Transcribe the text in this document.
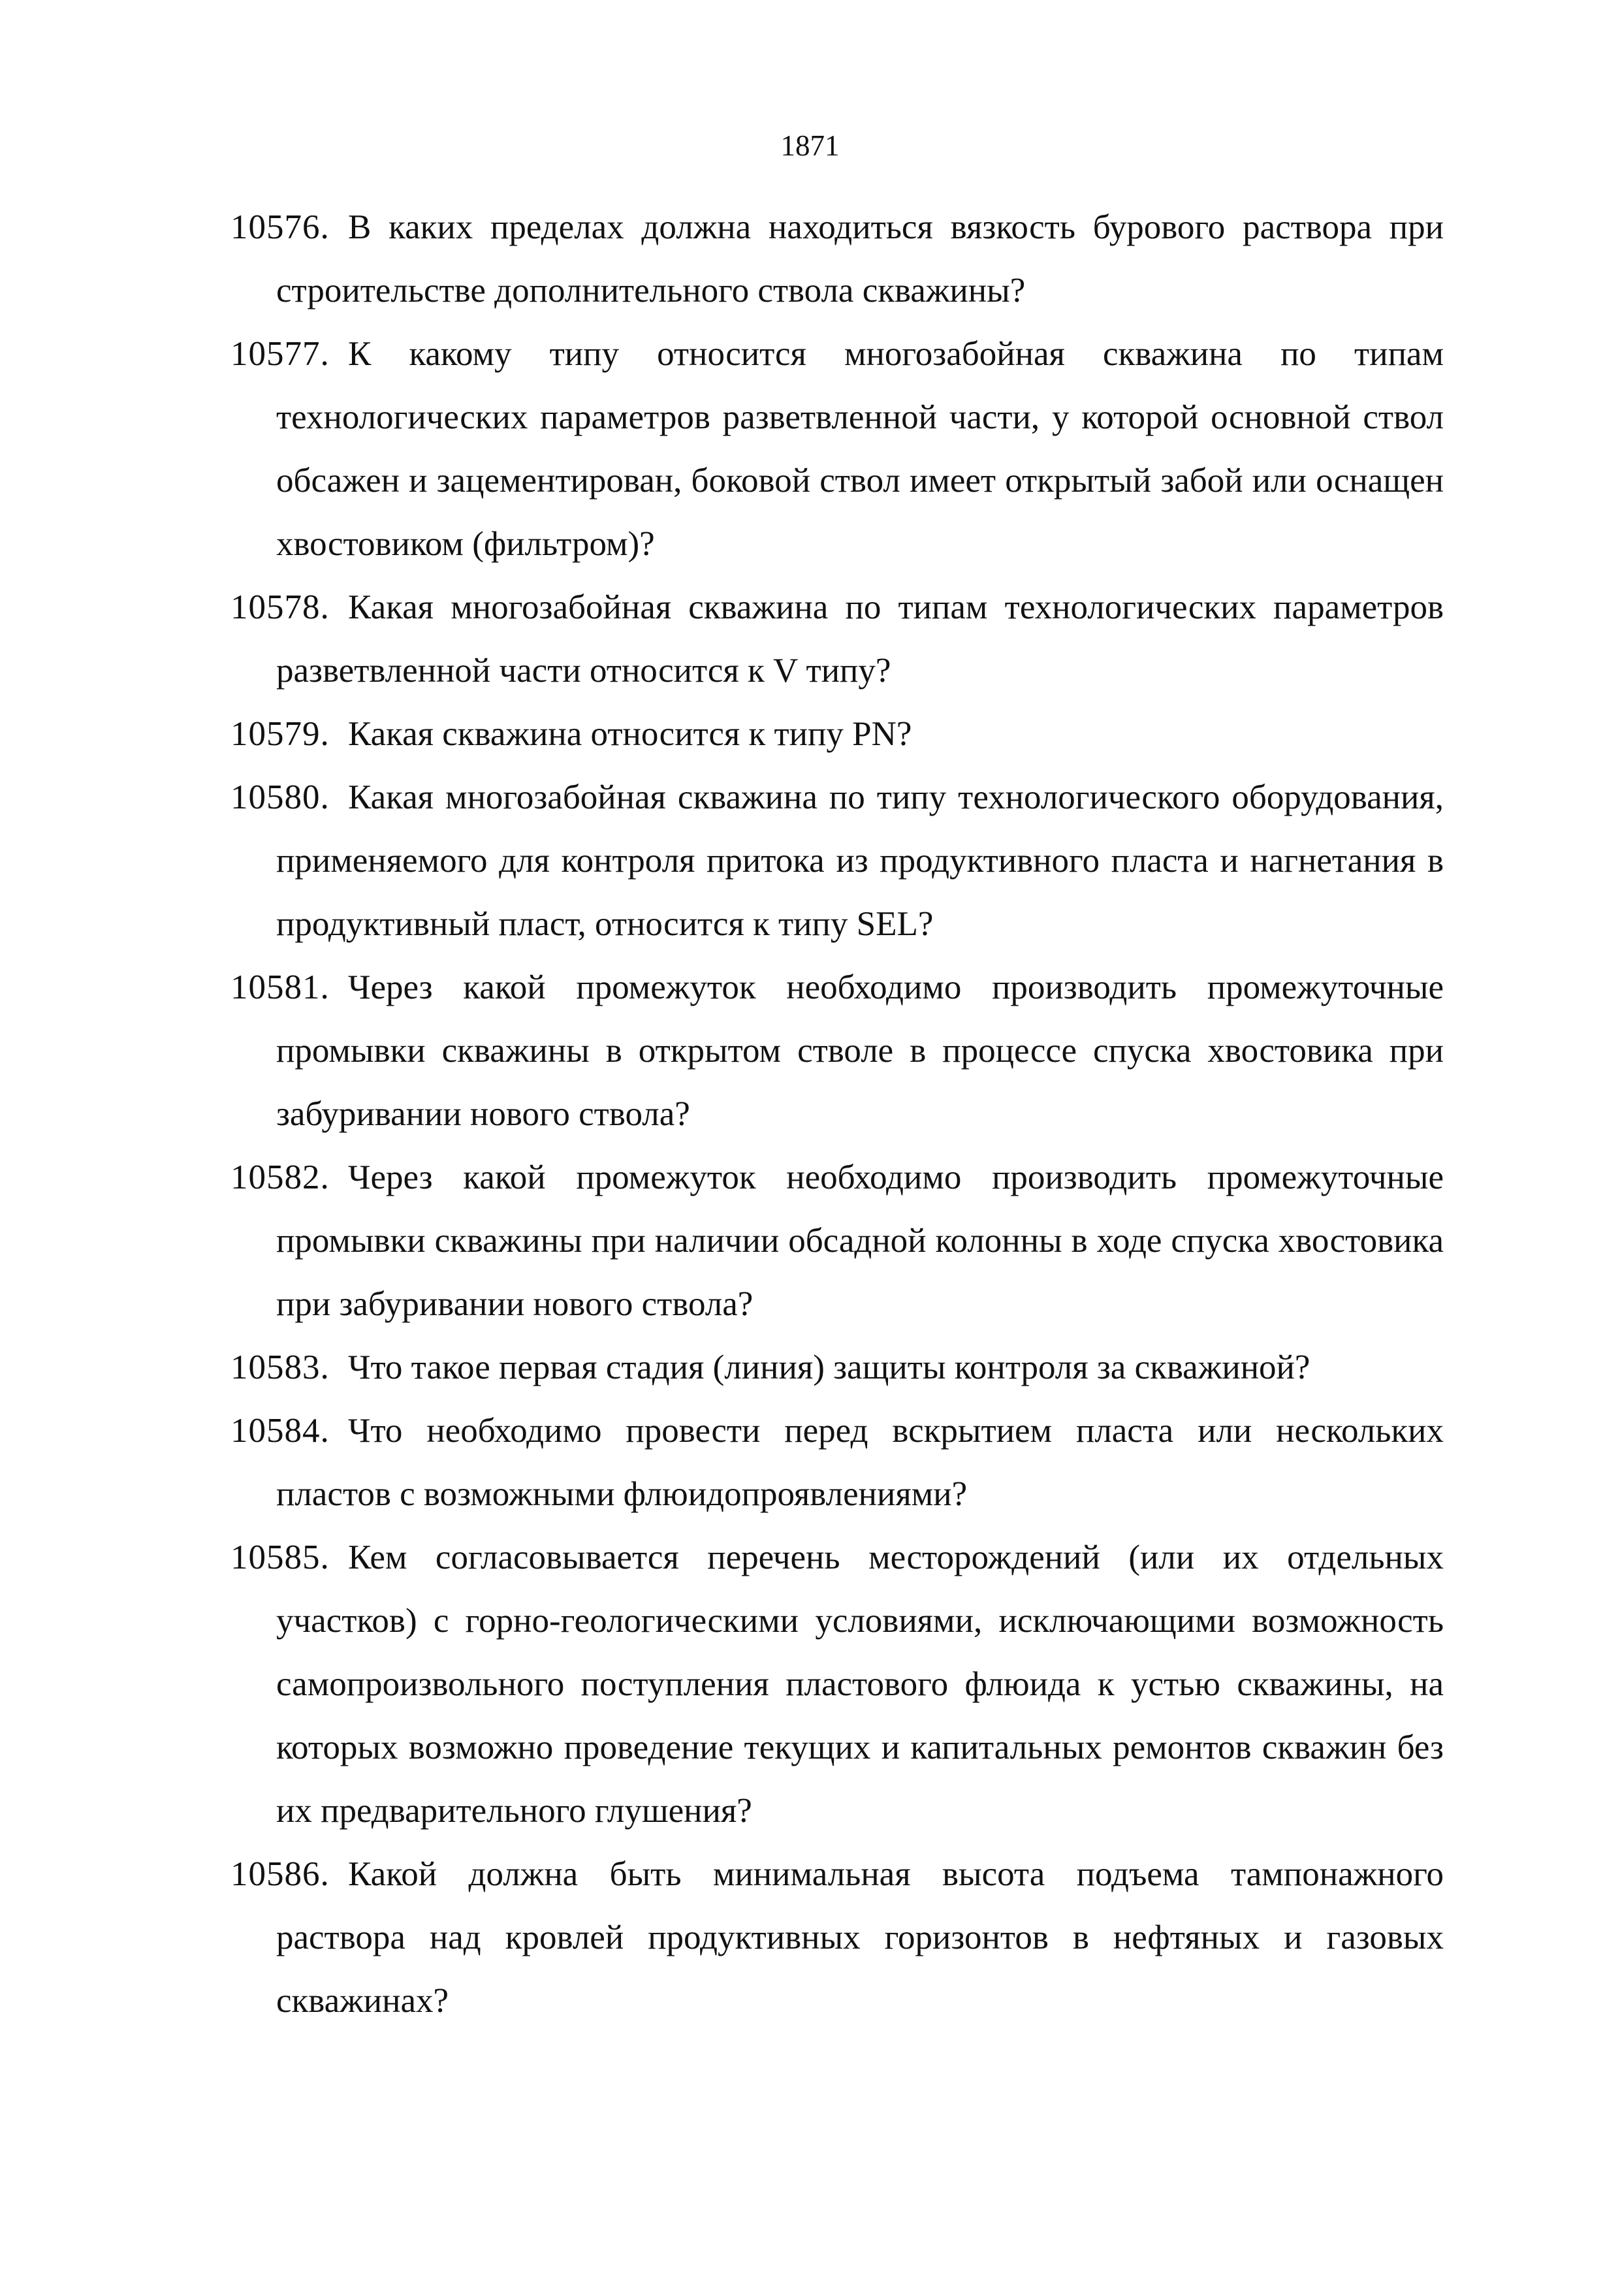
1871

10576. В каких пределах должна находиться вязкость бурового раствора при строительстве дополнительного ствола скважины?

10577. К какому типу относится многозабойная скважина по типам технологических параметров разветвленной части, у которой основной ствол обсажен и зацементирован, боковой ствол имеет открытый забой или оснащен хвостовиком (фильтром)?

10578. Какая многозабойная скважина по типам технологических параметров разветвленной части относится к V типу?

10579. Какая скважина относится к типу PN?

10580. Какая многозабойная скважина по типу технологического оборудования, применяемого для контроля притока из продуктивного пласта и нагнетания в продуктивный пласт, относится к типу SEL?

10581. Через какой промежуток необходимо производить промежуточные промывки скважины в открытом стволе в процессе спуска хвостовика при забуривании нового ствола?

10582. Через какой промежуток необходимо производить промежуточные промывки скважины при наличии обсадной колонны в ходе спуска хвостовика при забуривании нового ствола?

10583. Что такое первая стадия (линия) защиты контроля за скважиной?

10584. Что необходимо провести перед вскрытием пласта или нескольких пластов с возможными флюидопроявлениями?

10585. Кем согласовывается перечень месторождений (или их отдельных участков) с горно-геологическими условиями, исключающими возможность самопроизвольного поступления пластового флюида к устью скважины, на которых возможно проведение текущих и капитальных ремонтов скважин без их предварительного глушения?

10586. Какой должна быть минимальная высота подъема тампонажного раствора над кровлей продуктивных горизонтов в нефтяных и газовых скважинах?
